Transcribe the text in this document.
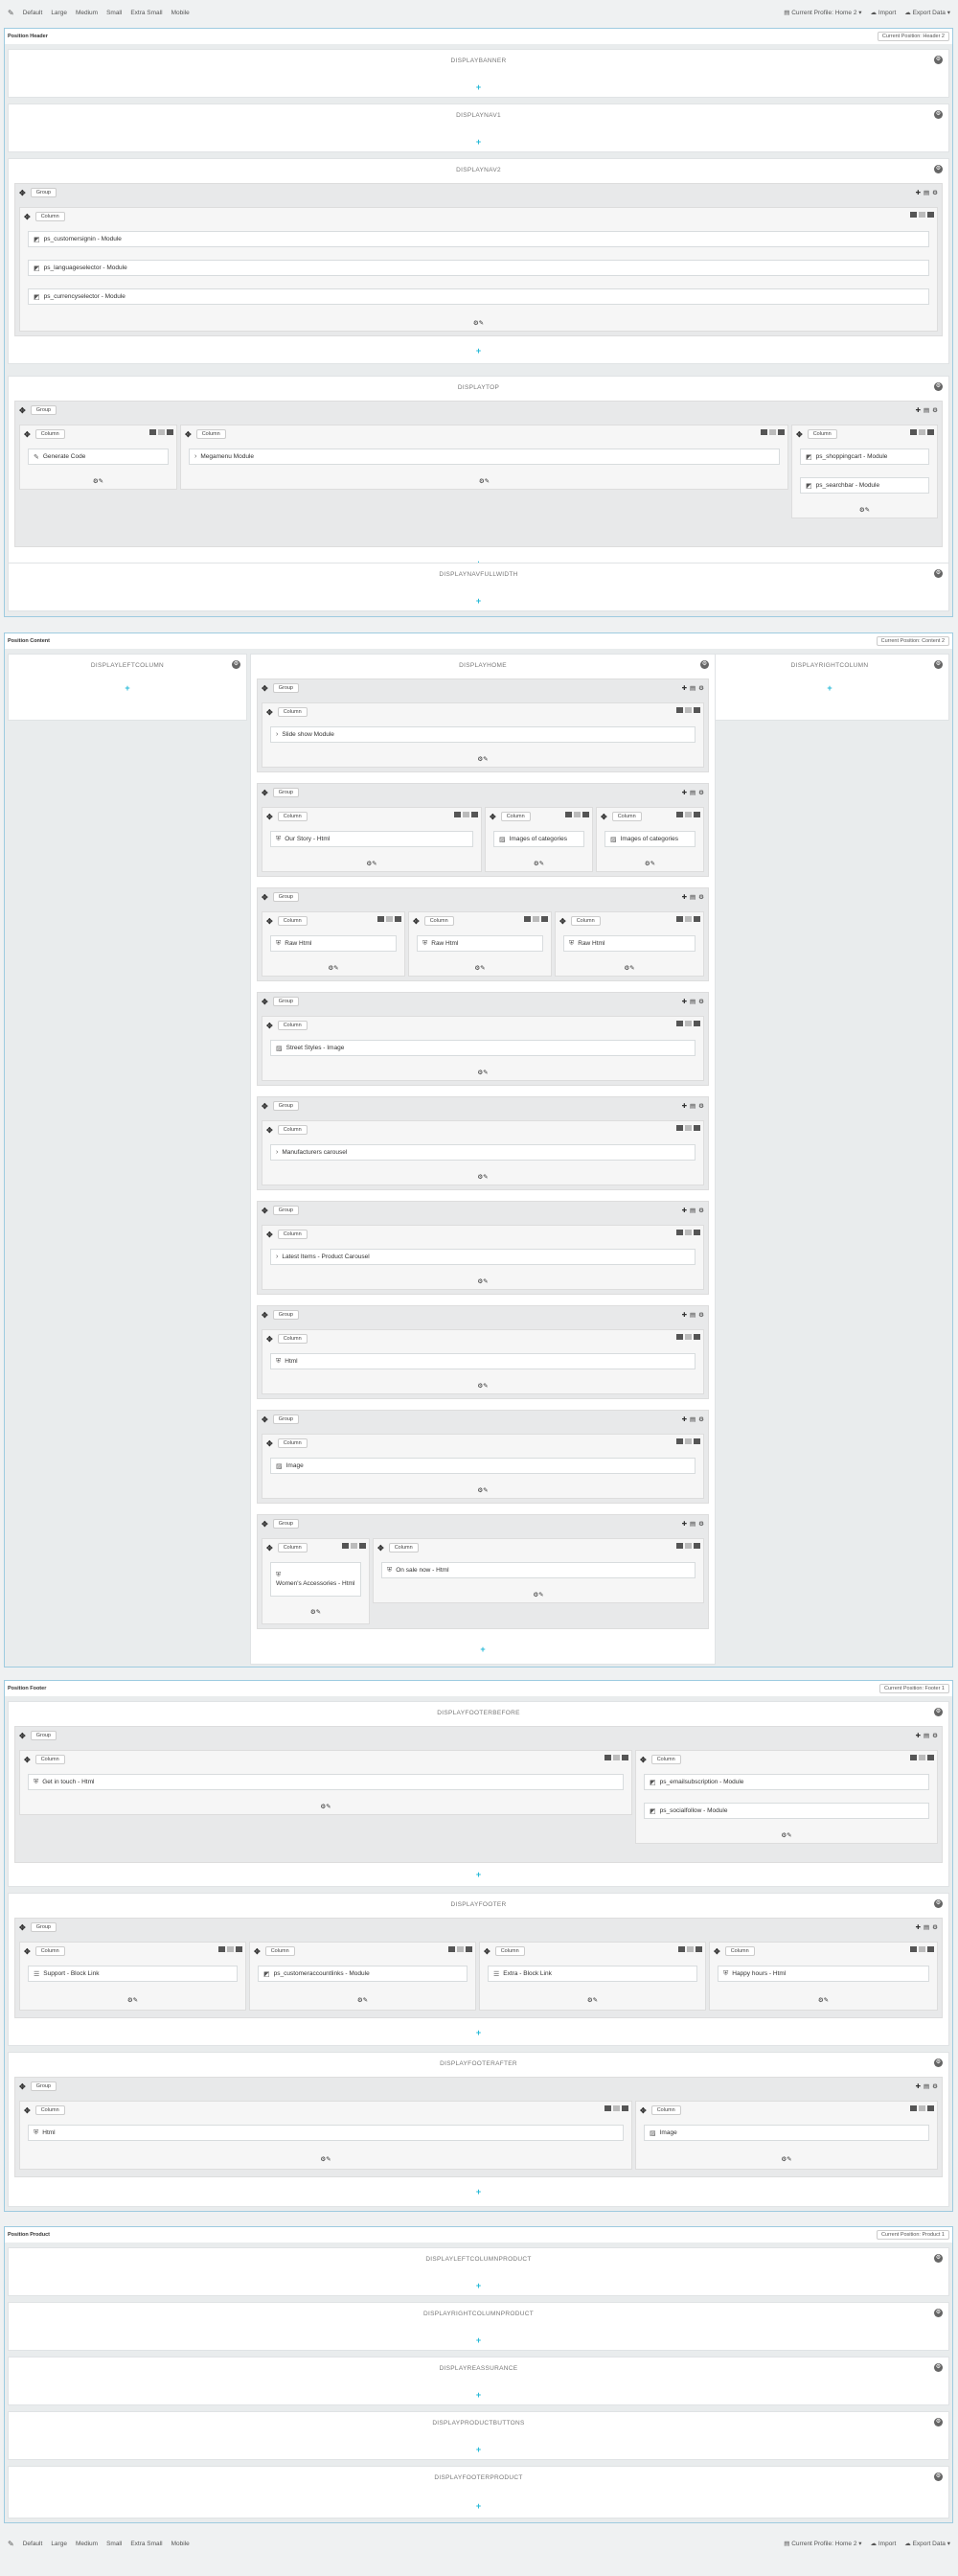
✎ Default Large Medium Small Extra Small Mobile	▤ Current Profile: Home 2 ▾ ☁ Import ☁ Export Data ▾
Position Header	Current Position: Header 2
DISPLAYBANNER	⚙
+
DISPLAYNAV1	⚙
+
DISPLAYNAV2	⚙
✥	Group	✚ ▤ ⚙
✥	Column
◩ ps_customersignin - Module
◩ ps_languageselector - Module
◩ ps_currencyselector - Module
⚙✎
+
DISPLAYTOP	⚙
✥	Group	✚ ▤ ⚙
✥	Column
✎ Generate Code
⚙✎
✥	Column
› Megamenu Module
⚙✎
✥	Column
◩ ps_shoppingcart - Module
◩ ps_searchbar - Module
⚙✎
DISPLAYNAVFULLWIDTH	⚙
+
Position Content	Current Position: Content 2
DISPLAYLEFTCOLUMN	⚙
+
DISPLAYRIGHTCOLUMN	⚙
+
DISPLAYHOME	⚙
✥	Group	✚ ▤ ⚙
✥	Column
› Slide show Module
⚙✎
✥	Group	✚ ▤ ⚙
✥	Column
⛨ Our Story - Html
⚙✎
✥	Column
▨ Images of categories
⚙✎
✥	Column
▨ Images of categories
⚙✎
✥	Group	✚ ▤ ⚙
✥	Column
⛨ Raw Html
⚙✎
✥	Column
⛨ Raw Html
⚙✎
✥	Column
⛨ Raw Html
⚙✎
✥	Group	✚ ▤ ⚙
✥	Column
▨ Street Styles - Image
⚙✎
✥	Group	✚ ▤ ⚙
✥	Column
› Manufacturers carousel
⚙✎
✥	Group	✚ ▤ ⚙
✥	Column
› Latest Items - Product Carousel
⚙✎
✥	Group	✚ ▤ ⚙
✥	Column
⛨ Html
⚙✎
✥	Group	✚ ▤ ⚙
✥	Column
▨ Image
⚙✎
✥	Group	✚ ▤ ⚙
✥	Column
⛨
Women's Accessories - Html
⚙✎
✥	Column
⛨ On sale now - Html
⚙✎
+
Position Footer	Current Position: Footer 1
DISPLAYFOOTERBEFORE	⚙
✥	Group	✚ ▤ ⚙
✥	Column
⛨ Get in touch - Html
⚙✎
✥	Column
◩ ps_emailsubscription - Module
◩ ps_socialfollow - Module
⚙✎
+
DISPLAYFOOTER	⚙
✥	Group	✚ ▤ ⚙
✥	Column
☰ Support - Block Link
⚙✎
✥	Column
◩ ps_customeraccountlinks - Module
⚙✎
✥	Column
☰ Extra - Block Link
⚙✎
✥	Column
⛨ Happy hours - Html
⚙✎
+
DISPLAYFOOTERAFTER	⚙
✥	Group	✚ ▤ ⚙
✥	Column
⛨ Html
⚙✎
✥	Column
▨ Image
⚙✎
+
Position Product	Current Position: Product 1
DISPLAYLEFTCOLUMNPRODUCT	⚙
+
DISPLAYRIGHTCOLUMNPRODUCT	⚙
+
DISPLAYREASSURANCE	⚙
+
DISPLAYPRODUCTBUTTONS	⚙
+
DISPLAYFOOTERPRODUCT	⚙
+
✎ Default Large Medium Small Extra Small Mobile	▤ Current Profile: Home 2 ▾ ☁ Import ☁ Export Data ▾
